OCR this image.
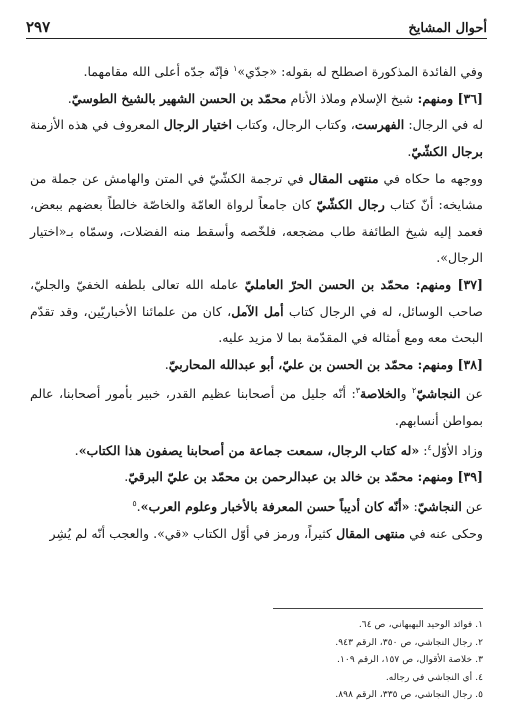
أحوال المشايخ
٢٩٧

وفي الفائدة المذكورة اصطلح له بقوله: «جدّي»$^١$ فإنّه جدّه أعلى الله مقامهما.

[٣٦] ومنهم: شيخ الإسلام وملاذ الأنام محمّد بن الحسن الشهير بالشيخ الطوسيّ.

له في الرجال: الفهرست، وكتاب الرجال، وكتاب اختيار الرجال المعروف في هذه الأزمنة برجال الكشّيّ.

ووجهه ما حكاه في منتهى المقال في ترجمة الكشّيّ في المتن والهامش عن جملة من مشايخه: أنّ كتاب رجال الكشّيّ كان جامعاً لرواة العامّة والخاصّة خالطاً بعضهم ببعض، فعمد إليه شيخ الطائفة طاب مضجعه، فلخّصه وأسقط منه الفضلات، وسمّاه بـ«اختيار الرجال».

[٣٧] ومنهم: محمّد بن الحسن الحرّ العامليّ عامله الله تعالى بلطفه الخفيّ والجليّ، صاحب الوسائل، له في الرجال كتاب أمل الآمل، كان من علمائنا الأخباريّين، وقد تقدّم البحث معه ومع أمثاله في المقدّمة بما لا مزيد عليه.

[٣٨] ومنهم: محمّد بن الحسن بن عليّ، أبو عبدالله المحاربيّ.

عن النجاشيّ$^٢$ والخلاصة$^٣$: أنّه جليل من أصحابنا عظيم القدر، خبير بأمور أصحابنا، عالم بمواطن أنسابهم.

وزاد الأوّل$^٤$: «له كتاب الرجال، سمعت جماعة من أصحابنا يصفون هذا الكتاب».

[٣٩] ومنهم: محمّد بن خالد بن عبدالرحمن بن محمّد بن عليّ البرقيّ.

عن النجاشيّ: «أنّه كان أديباً حسن المعرفة بالأخبار وعلوم العرب».$^٥$

وحكى عنه في منتهى المقال كثيراً، ورمز في أوّل الكتاب «قي». والعجب أنّه لم يُشِر

١. فوائد الوحيد البهبهاني، ص ٦٤.
٢. رجال النجاشي، ص ٣٥٠، الرقم ٩٤٣.
٣. خلاصة الأقوال، ص ١٥٧، الرقم ١٠٩.
٤. أي النجاشي في رجاله.
٥. رجال النجاشي، ص ٣٣٥، الرقم ٨٩٨.
